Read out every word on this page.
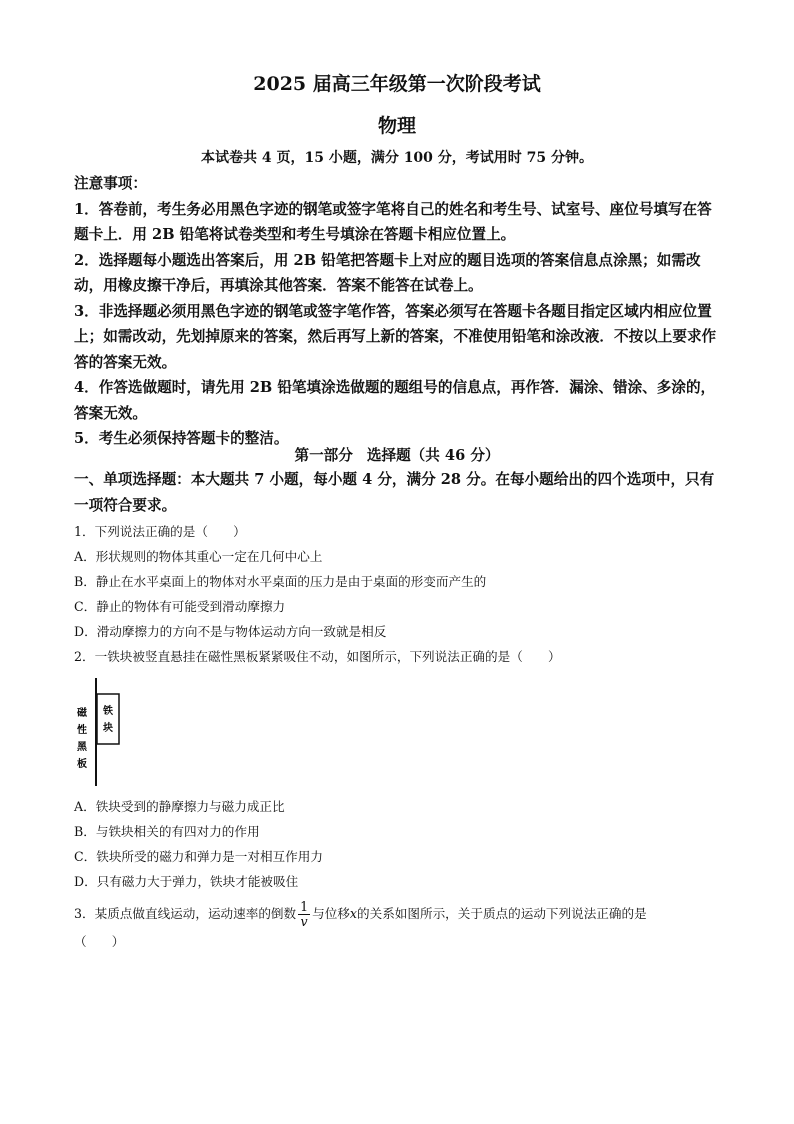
2025 届高三年级第一次阶段考试
物理
本试卷共 4 页，15 小题，满分 100 分，考试用时 75 分钟。

注意事项：

1．答卷前，考生务必用黑色字迹的钢笔或签字笔将自己的姓名和考生号、试室号、座位号填写在答题卡上．用 2B 铅笔将试卷类型和考生号填涂在答题卡相应位置上。

2．选择题每小题选出答案后，用 2B 铅笔把答题卡上对应的题目选项的答案信息点涂黑；如需改动，用橡皮擦干净后，再填涂其他答案．答案不能答在试卷上。

3．非选择题必须用黑色字迹的钢笔或签字笔作答，答案必须写在答题卡各题目指定区域内相应位置上；如需改动，先划掉原来的答案，然后再写上新的答案，不准使用铅笔和涂改液．不按以上要求作答的答案无效。

4．作答选做题时，请先用 2B 铅笔填涂选做题的题组号的信息点，再作答．漏涂、错涂、多涂的，答案无效。

5．考生必须保持答题卡的整洁。

第一部分 选择题（共 46 分）
一、单项选择题：本大题共 7 小题，每小题 4 分，满分 28 分。在每小题给出的四个选项中，只有一项符合要求。

1．下列说法正确的是（　　）

A．形状规则的物体其重心一定在几何中心上

B．静止在水平桌面上的物体对水平桌面的压力是由于桌面的形变而产生的

C．静止的物体有可能受到滑动摩擦力

D．滑动摩擦力的方向不是与物体运动方向一致就是相反

2．一铁块被竖直悬挂在磁性黑板紧紧吸住不动，如图所示，下列说法正确的是（　　）

磁
性
黑
板
铁
块

A．铁块受到的静摩擦力与磁力成正比

B．与铁块相关的有四对力的作用

C．铁块所受的磁力和弹力是一对相互作用力

D．只有磁力大于弹力，铁块才能被吸住

3．某质点做直线运动，运动速率的倒数 $\frac{1}{v}$ 与位移x的关系如图所示，关于质点的运动下列说法正确的是

（　　）
